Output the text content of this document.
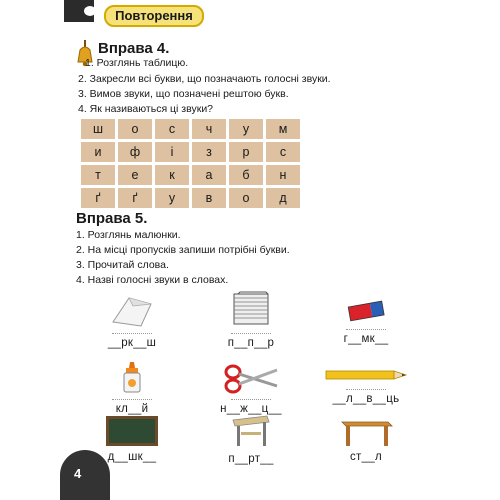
Повторення
Вправа 4.
1. Розглянь таблицю.
2. Закресли всі букви, що позначають голосні звуки.
3. Вимов звуки, що позначені рештою букв.
4. Як називаються ці звуки?
ш	о	с	ч	у	м
и	ф	і	з	р	с
т	е	к	а	б	н
ґ	ґ	у	в	о	д
Вправа 5.
1. Розглянь малюнки.
2. На місці пропусків запиши потрібні букви.
3. Прочитай слова.
4. Назві голосні звуки в словах.
__рк__ш	п__п__р	г__мк__
кл__й	н__ж__ц__
__л__в__ць
д__шк__	п__рт__	ст__л
4
